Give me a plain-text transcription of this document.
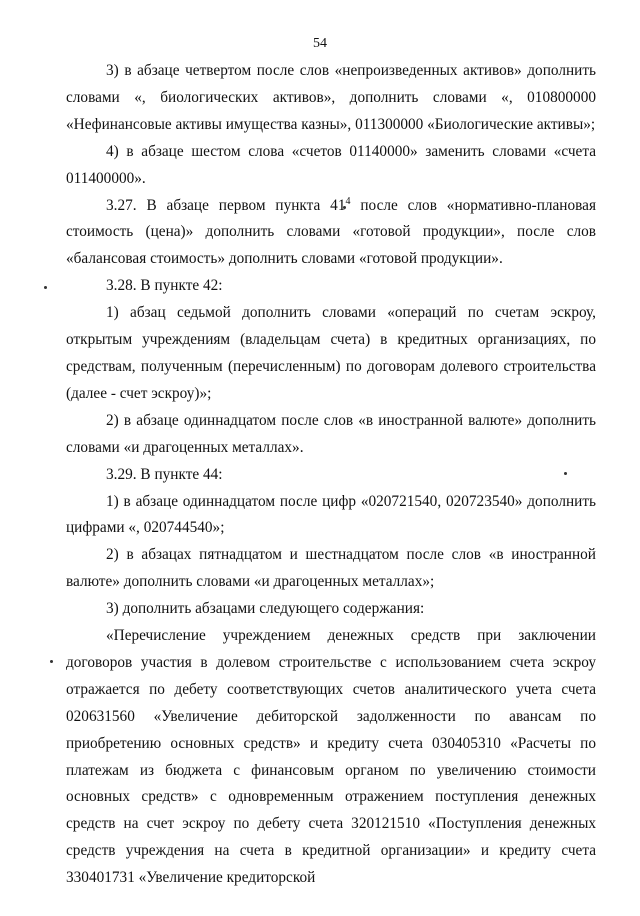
54

3) в абзаце четвертом после слов «непроизведенных активов» дополнить словами «, биологических активов», дополнить словами «, 010800000 «Нефинансовые активы имущества казны», 011300000 «Биологические активы»;

4) в абзаце шестом слова «счетов 01140000» заменить словами «счета 011400000».

3.27. В абзаце первом пункта $41^4$ после слов «нормативно-плановая стоимость (цена)» дополнить словами «готовой продукции», после слов «балансовая стоимость» дополнить словами «готовой продукции».

3.28. В пункте 42:

1) абзац седьмой дополнить словами «операций по счетам эскроу, открытым учреждениям (владельцам счета) в кредитных организациях, по средствам, полученным (перечисленным) по договорам долевого строительства (далее - счет эскроу)»;

2) в абзаце одиннадцатом после слов «в иностранной валюте» дополнить словами «и драгоценных металлах».

3.29. В пункте 44:

1) в абзаце одиннадцатом после цифр «020721540, 020723540» дополнить цифрами «, 020744540»;

2) в абзацах пятнадцатом и шестнадцатом после слов «в иностранной валюте» дополнить словами «и драгоценных металлах»;

3) дополнить абзацами следующего содержания:

«Перечисление учреждением денежных средств при заключении договоров участия в долевом строительстве с использованием счета эскроу отражается по дебету соответствующих счетов аналитического учета счета 020631560 «Увеличение дебиторской задолженности по авансам по приобретению основных средств» и кредиту счета 030405310 «Расчеты по платежам из бюджета с финансовым органом по увеличению стоимости основных средств» с одновременным отражением поступления денежных средств на счет эскроу по дебету счета 320121510 «Поступления денежных средств учреждения на счета в кредитной организации» и кредиту счета 330401731 «Увеличение кредиторской
